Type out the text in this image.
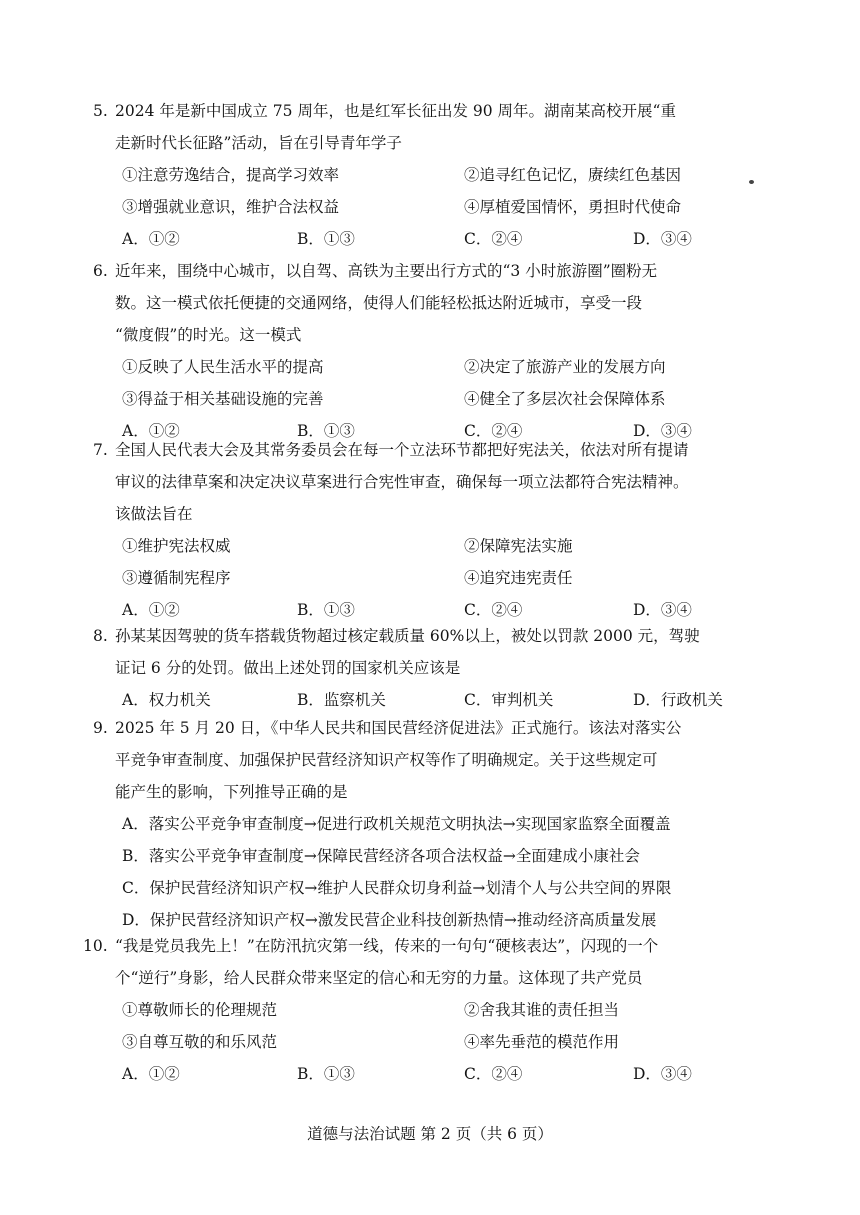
5. 2024 年是新中国成立 75 周年，也是红军长征出发 90 周年。湖南某高校开展“重
走新时代长征路”活动，旨在引导青年学子
①注意劳逸结合，提高学习效率	②追寻红色记忆，赓续红色基因
③增强就业意识，维护合法权益	④厚植爱国情怀，勇担时代使命
A．①②	B．①③	C．②④	D．③④
6. 近年来，围绕中心城市，以自驾、高铁为主要出行方式的“3 小时旅游圈”圈粉无
数。这一模式依托便捷的交通网络，使得人们能轻松抵达附近城市，享受一段
“微度假”的时光。这一模式
①反映了人民生活水平的提高	②决定了旅游产业的发展方向
③得益于相关基础设施的完善	④健全了多层次社会保障体系
A．①②	B．①③	C．②④	D．③④
7. 全国人民代表大会及其常务委员会在每一个立法环节都把好宪法关，依法对所有提请
审议的法律草案和决定决议草案进行合宪性审查，确保每一项立法都符合宪法精神。
该做法旨在
①维护宪法权威	②保障宪法实施
③遵循制宪程序	④追究违宪责任
A．①②	B．①③	C．②④	D．③④
8. 孙某某因驾驶的货车搭载货物超过核定载质量 60%以上，被处以罚款 2000 元，驾驶
证记 6 分的处罚。做出上述处罚的国家机关应该是
A．权力机关	B．监察机关	C．审判机关	D．行政机关
9. 2025 年 5 月 20 日，《中华人民共和国民营经济促进法》正式施行。该法对落实公
平竞争审查制度、加强保护民营经济知识产权等作了明确规定。关于这些规定可
能产生的影响，下列推导正确的是
A．落实公平竞争审查制度→促进行政机关规范文明执法→实现国家监察全面覆盖
B．落实公平竞争审查制度→保障民营经济各项合法权益→全面建成小康社会
C．保护民营经济知识产权→维护人民群众切身利益→划清个人与公共空间的界限
D．保护民营经济知识产权→激发民营企业科技创新热情→推动经济高质量发展
10. “我是党员我先上！”在防汛抗灾第一线，传来的一句句“硬核表达”，闪现的一个
个“逆行”身影，给人民群众带来坚定的信心和无穷的力量。这体现了共产党员
①尊敬师长的伦理规范	②舍我其谁的责任担当
③自尊互敬的和乐风范	④率先垂范的模范作用
A．①②	B．①③	C．②④	D．③④
道德与法治试题 第 2 页（共 6 页）
